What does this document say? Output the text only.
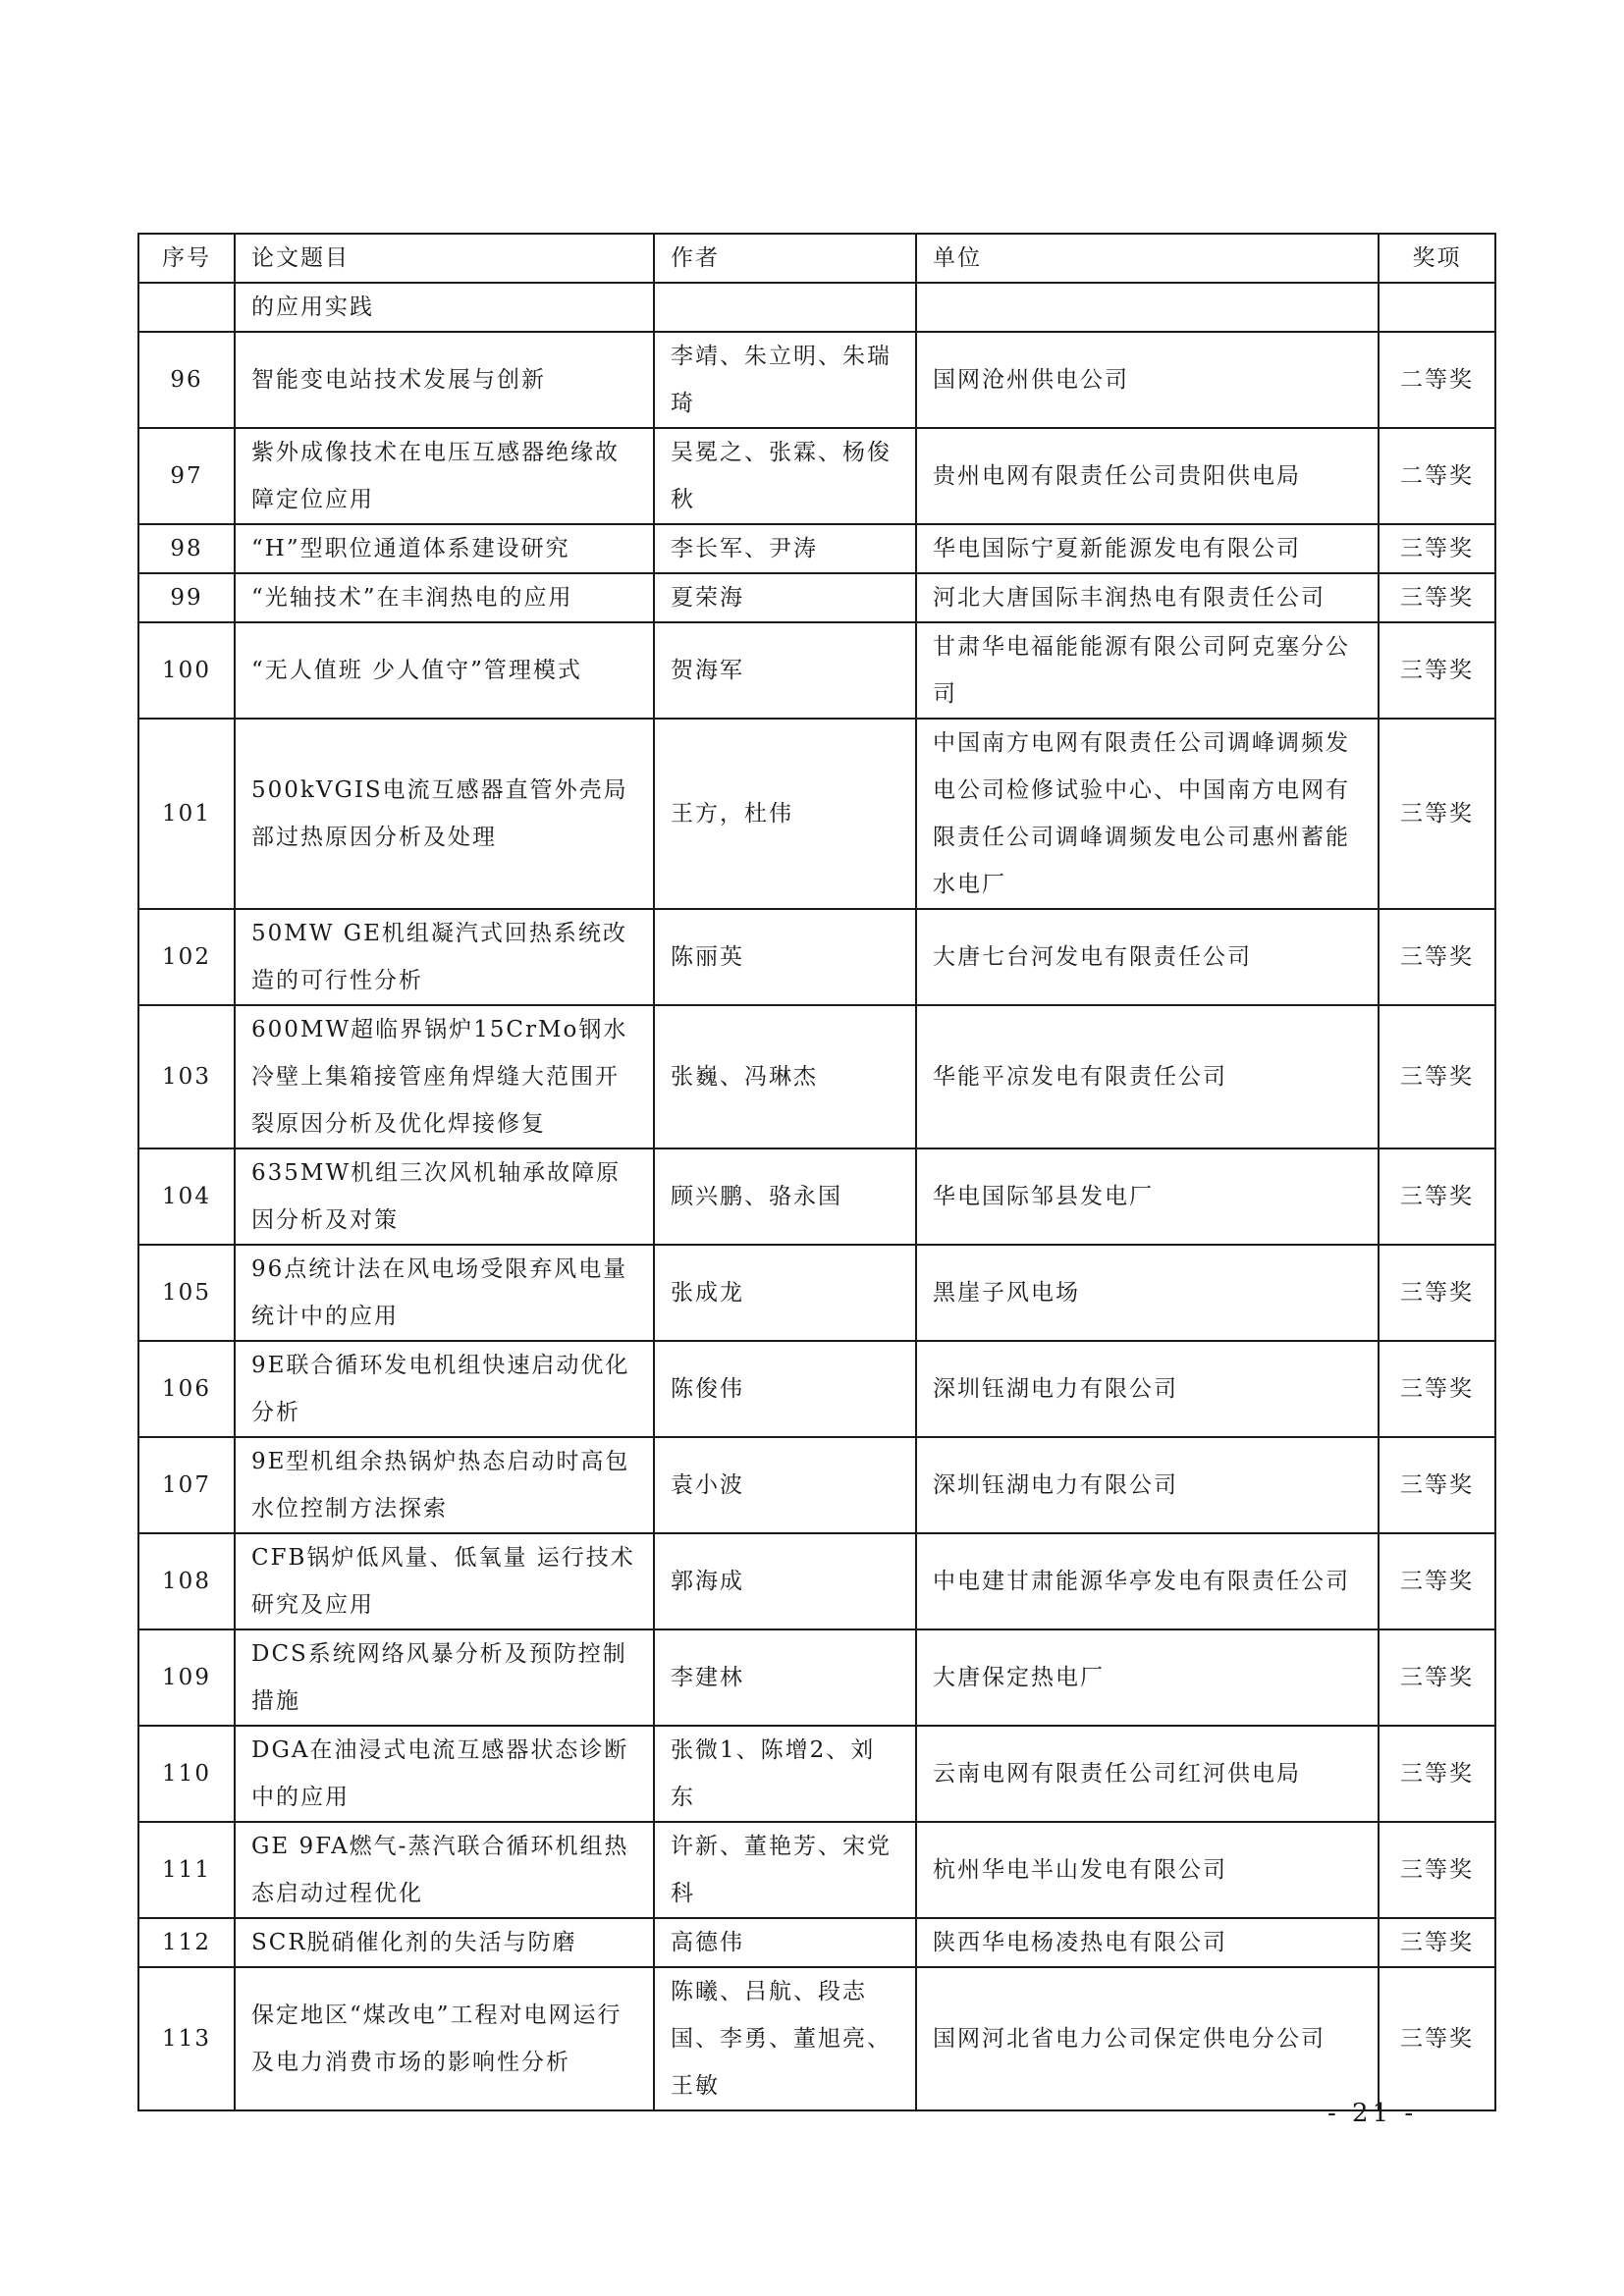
序号	论文题目	作者	单位	奖项
	的应用实践			
96	智能变电站技术发展与创新	李靖、朱立明、朱瑞琦	国网沧州供电公司	二等奖
97	紫外成像技术在电压互感器绝缘故障定位应用	吴冕之、张霖、杨俊秋	贵州电网有限责任公司贵阳供电局	二等奖
98	“H”型职位通道体系建设研究	李长军、尹涛	华电国际宁夏新能源发电有限公司	三等奖
99	“光轴技术”在丰润热电的应用	夏荣海	河北大唐国际丰润热电有限责任公司	三等奖
100	“无人值班 少人值守”管理模式	贺海军	甘肃华电福能能源有限公司阿克塞分公司	三等奖
101	500kVGIS电流互感器直管外壳局部过热原因分析及处理	王方，杜伟	中国南方电网有限责任公司调峰调频发电公司检修试验中心、中国南方电网有限责任公司调峰调频发电公司惠州蓄能水电厂	三等奖
102	50MW GE机组凝汽式回热系统改造的可行性分析	陈丽英	大唐七台河发电有限责任公司	三等奖
103	600MW超临界锅炉15CrMo钢水冷壁上集箱接管座角焊缝大范围开裂原因分析及优化焊接修复	张巍、冯琳杰	华能平凉发电有限责任公司	三等奖
104	635MW机组三次风机轴承故障原因分析及对策	顾兴鹏、骆永国	华电国际邹县发电厂	三等奖
105	96点统计法在风电场受限弃风电量统计中的应用	张成龙	黑崖子风电场	三等奖
106	9E联合循环发电机组快速启动优化分析	陈俊伟	深圳钰湖电力有限公司	三等奖
107	9E型机组余热锅炉热态启动时高包水位控制方法探索	袁小波	深圳钰湖电力有限公司	三等奖
108	CFB锅炉低风量、低氧量 运行技术研究及应用	郭海成	中电建甘肃能源华亭发电有限责任公司	三等奖
109	DCS系统网络风暴分析及预防控制措施	李建林	大唐保定热电厂	三等奖
110	DGA在油浸式电流互感器状态诊断中的应用	张微1、陈增2、刘东	云南电网有限责任公司红河供电局	三等奖
111	GE 9FA燃气-蒸汽联合循环机组热态启动过程优化	许新、董艳芳、宋党科	杭州华电半山发电有限公司	三等奖
112	SCR脱硝催化剂的失活与防磨	高德伟	陕西华电杨凌热电有限公司	三等奖
113	保定地区“煤改电”工程对电网运行及电力消费市场的影响性分析	陈曦、吕航、段志国、李勇、董旭亮、王敏	国网河北省电力公司保定供电分公司	三等奖
- 21 -
